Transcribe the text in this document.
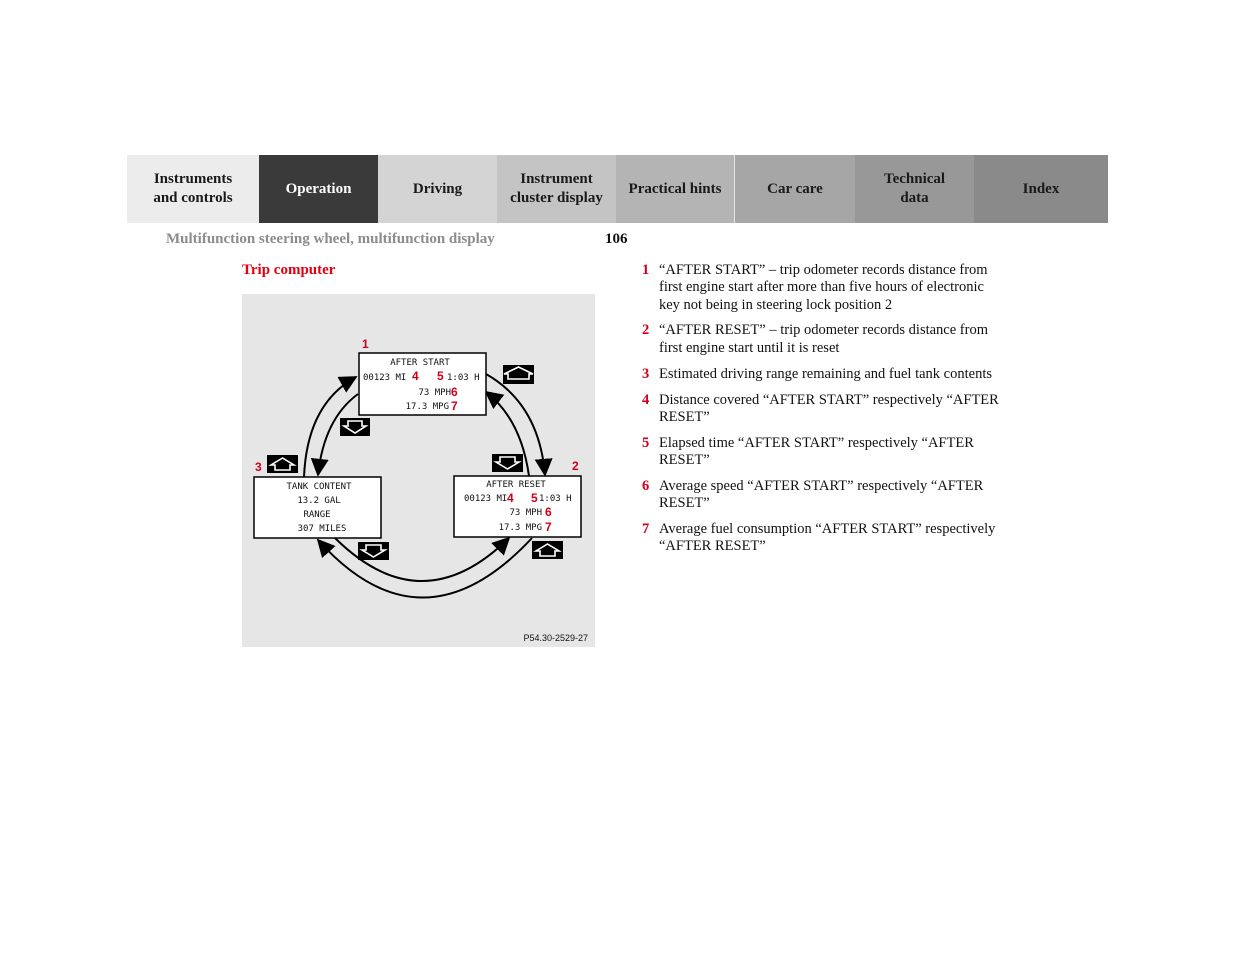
Instruments
and controls
Operation	Driving
Instrument
cluster display
Practical hints	Car care
Technical
data
Index
Multifunction steering wheel, multifunction display	106
Trip computer
AFTER START
00123 MI	1:03 H
73 MPH
17.3 MPG
4 5
6
7
1
AFTER RESET
00123 MI	1:03 H
73 MPH
17.3 MPG
4 5
6
7
2
TANK CONTENT
13.2 GAL
RANGE
307 MILES
3
P54.30-2529-27
1 “AFTER START” – trip odometer records distance from first engine start after more than five hours of electronic key not being in steering lock position 2
2 “AFTER RESET” – trip odometer records distance from first engine start until it is reset
3 Estimated driving range remaining and fuel tank contents
4 Distance covered “AFTER START” respectively “AFTER RESET”
5 Elapsed time “AFTER START” respectively “AFTER RESET”
6 Average speed “AFTER START” respectively “AFTER RESET”
7 Average fuel consumption “AFTER START” respectively “AFTER RESET”
